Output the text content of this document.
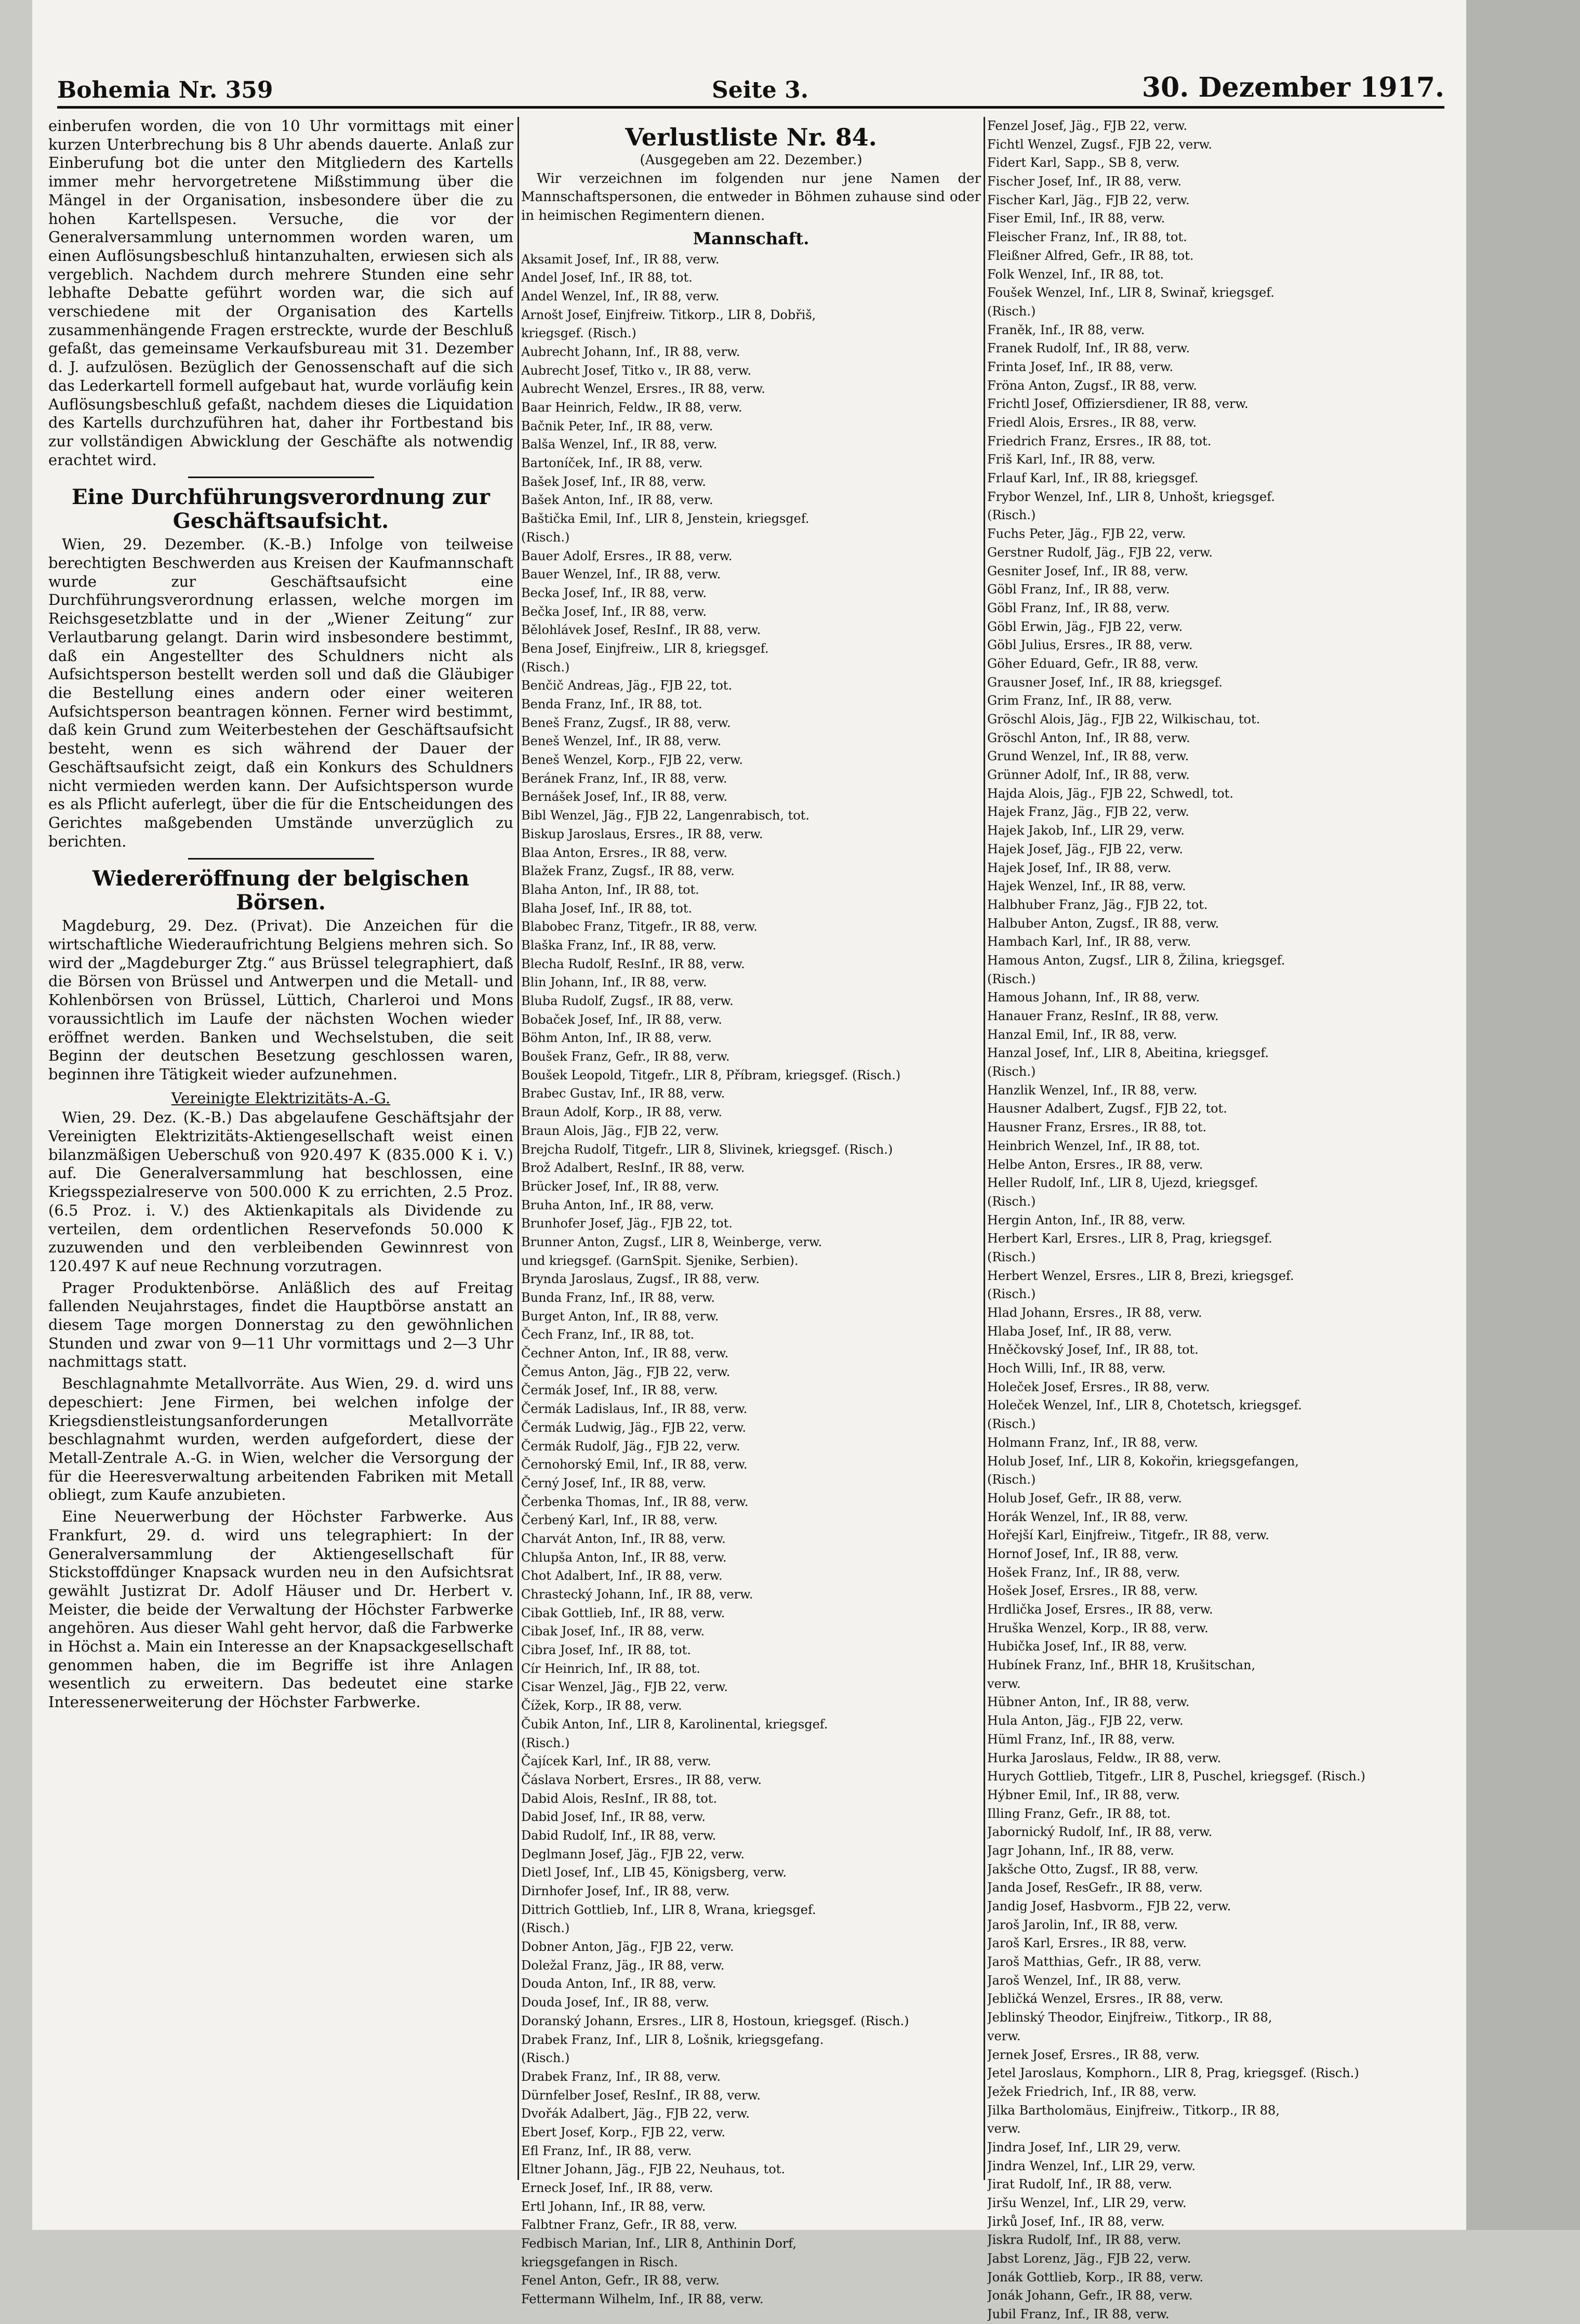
Bohemia Nr. 359	Seite 3.	30. Dezember 1917.

einberufen worden, die von 10 Uhr vormittags mit einer kurzen Unterbrechung bis 8 Uhr abends dauerte. Anlaß zur Einberufung bot die unter den Mitgliedern des Kartells immer mehr hervorgetretene Mißstimmung über die Mängel in der Organisation, insbesondere über die zu hohen Kartellspesen. Versuche, die vor der Generalversammlung unternommen worden waren, um einen Auflösungsbeschluß hintanzuhalten, erwiesen sich als vergeblich. Nachdem durch mehrere Stunden eine sehr lebhafte Debatte geführt worden war, die sich auf verschiedene mit der Organisation des Kartells zusammenhängende Fragen erstreckte, wurde der Beschluß gefaßt, das gemeinsame Verkaufsbureau mit 31. Dezember d. J. aufzulösen. Bezüglich der Genossenschaft auf die sich das Lederkartell formell aufgebaut hat, wurde vorläufig kein Auflösungsbeschluß gefaßt, nachdem dieses die Liquidation des Kartells durchzuführen hat, daher ihr Fortbestand bis zur vollständigen Abwicklung der Geschäfte als notwendig erachtet wird.

Eine Durchführungsverordnung zur Geschäftsaufsicht.

Wien, 29. Dezember. (K.-B.) Infolge von teilweise berechtigten Beschwerden aus Kreisen der Kaufmannschaft wurde zur Geschäftsaufsicht eine Durchführungsverordnung erlassen, welche morgen im Reichsgesetzblatte und in der „Wiener Zeitung“ zur Verlautbarung gelangt. Darin wird insbesondere bestimmt, daß ein Angestellter des Schuldners nicht als Aufsichtsperson bestellt werden soll und daß die Gläubiger die Bestellung eines andern oder einer weiteren Aufsichtsperson beantragen können. Ferner wird bestimmt, daß kein Grund zum Weiterbestehen der Geschäftsaufsicht besteht, wenn es sich während der Dauer der Geschäftsaufsicht zeigt, daß ein Konkurs des Schuldners nicht vermieden werden kann. Der Aufsichtsperson wurde es als Pflicht auferlegt, über die für die Entscheidungen des Gerichtes maßgebenden Umstände unverzüglich zu berichten.

Wiedereröffnung der belgischen Börsen.

Magdeburg, 29. Dez. (Privat). Die Anzeichen für die wirtschaftliche Wiederaufrichtung Belgiens mehren sich. So wird der „Magdeburger Ztg.“ aus Brüssel telegraphiert, daß die Börsen von Brüssel und Antwerpen und die Metall- und Kohlenbörsen von Brüssel, Lüttich, Charleroi und Mons voraussichtlich im Laufe der nächsten Wochen wieder eröffnet werden. Banken und Wechselstuben, die seit Beginn der deutschen Besetzung geschlossen waren, beginnen ihre Tätigkeit wieder aufzunehmen.

Vereinigte Elektrizitäts-A.-G.

Wien, 29. Dez. (K.-B.) Das abgelaufene Geschäftsjahr der Vereinigten Elektrizitäts-Aktiengesellschaft weist einen bilanzmäßigen Ueberschuß von 920.497 K (835.000 K i. V.) auf. Die Generalversammlung hat beschlossen, eine Kriegsspezialreserve von 500.000 K zu errichten, 2.5 Proz. (6.5 Proz. i. V.) des Aktienkapitals als Dividende zu verteilen, dem ordentlichen Reservefonds 50.000 K zuzuwenden und den verbleibenden Gewinnrest von 120.497 K auf neue Rechnung vorzutragen.

Prager Produktenbörse. Anläßlich des auf Freitag fallenden Neujahrstages, findet die Hauptbörse anstatt an diesem Tage morgen Donnerstag zu den gewöhnlichen Stunden und zwar von 9—11 Uhr vormittags und 2—3 Uhr nachmittags statt.

Beschlagnahmte Metallvorräte. Aus Wien, 29. d. wird uns depeschiert: Jene Firmen, bei welchen infolge der Kriegsdienstleistungsanforderungen Metallvorräte beschlagnahmt wurden, werden aufgefordert, diese der Metall-Zentrale A.-G. in Wien, welcher die Versorgung der für die Heeresverwaltung arbeitenden Fabriken mit Metall obliegt, zum Kaufe anzubieten.

Eine Neuerwerbung der Höchster Farbwerke. Aus Frankfurt, 29. d. wird uns telegraphiert: In der Generalversammlung der Aktiengesellschaft für Stickstoffdünger Knapsack wurden neu in den Aufsichtsrat gewählt Justizrat Dr. Adolf Häuser und Dr. Herbert v. Meister, die beide der Verwaltung der Höchster Farbwerke angehören. Aus dieser Wahl geht hervor, daß die Farbwerke in Höchst a. Main ein Interesse an der Knapsackgesellschaft genommen haben, die im Begriffe ist ihre Anlagen wesentlich zu erweitern. Das bedeutet eine starke Interessenerweiterung der Höchster Farbwerke.

Verlustliste Nr. 84.
(Ausgegeben am 22. Dezember.)
Wir verzeichnen im folgenden nur jene Namen der Mannschaftspersonen, die entweder in Böhmen zuhause sind oder in heimischen Regimentern dienen.
Mannschaft.
Aksamit Josef, Inf., IR 88, verw.
Andel Josef, Inf., IR 88, tot.
Andel Wenzel, Inf., IR 88, verw.
Arnošt Josef, Einjfreiw. Titkorp., LIR 8, Dobřiš,
kriegsgef. (Risch.)
Aubrecht Johann, Inf., IR 88, verw.
Aubrecht Josef, Titko v., IR 88, verw.
Aubrecht Wenzel, Ersres., IR 88, verw.
Baar Heinrich, Feldw., IR 88, verw.
Bačnik Peter, Inf., IR 88, verw.
Balša Wenzel, Inf., IR 88, verw.
Bartoníček, Inf., IR 88, verw.
Bašek Josef, Inf., IR 88, verw.
Bašek Anton, Inf., IR 88, verw.
Baštička Emil, Inf., LIR 8, Jenstein, kriegsgef.
(Risch.)
Bauer Adolf, Ersres., IR 88, verw.
Bauer Wenzel, Inf., IR 88, verw.
Becka Josef, Inf., IR 88, verw.
Bečka Josef, Inf., IR 88, verw.
Bělohlávek Josef, ResInf., IR 88, verw.
Bena Josef, Einjfreiw., LIR 8, kriegsgef.
(Risch.)
Benčič Andreas, Jäg., FJB 22, tot.
Benda Franz, Inf., IR 88, tot.
Beneš Franz, Zugsf., IR 88, verw.
Beneš Wenzel, Inf., IR 88, verw.
Beneš Wenzel, Korp., FJB 22, verw.
Beránek Franz, Inf., IR 88, verw.
Bernášek Josef, Inf., IR 88, verw.
Bibl Wenzel, Jäg., FJB 22, Langenrabisch, tot.
Biskup Jaroslaus, Ersres., IR 88, verw.
Blaa Anton, Ersres., IR 88, verw.
Blažek Franz, Zugsf., IR 88, verw.
Blaha Anton, Inf., IR 88, tot.
Blaha Josef, Inf., IR 88, tot.
Blabobec Franz, Titgefr., IR 88, verw.
Blaška Franz, Inf., IR 88, verw.
Blecha Rudolf, ResInf., IR 88, verw.
Blin Johann, Inf., IR 88, verw.
Bluba Rudolf, Zugsf., IR 88, verw.
Bobaček Josef, Inf., IR 88, verw.
Böhm Anton, Inf., IR 88, verw.
Boušek Franz, Gefr., IR 88, verw.
Boušek Leopold, Titgefr., LIR 8, Příbram, kriegsgef. (Risch.)
Brabec Gustav, Inf., IR 88, verw.
Braun Adolf, Korp., IR 88, verw.
Braun Alois, Jäg., FJB 22, verw.
Brejcha Rudolf, Titgefr., LIR 8, Slivinek, kriegsgef. (Risch.)
Brož Adalbert, ResInf., IR 88, verw.
Brücker Josef, Inf., IR 88, verw.
Bruha Anton, Inf., IR 88, verw.
Brunhofer Josef, Jäg., FJB 22, tot.
Brunner Anton, Zugsf., LIR 8, Weinberge, verw.
und kriegsgef. (GarnSpit. Sjenike, Serbien).
Brynda Jaroslaus, Zugsf., IR 88, verw.
Bunda Franz, Inf., IR 88, verw.
Burget Anton, Inf., IR 88, verw.
Čech Franz, Inf., IR 88, tot.
Čechner Anton, Inf., IR 88, verw.
Čemus Anton, Jäg., FJB 22, verw.
Čermák Josef, Inf., IR 88, verw.
Čermák Ladislaus, Inf., IR 88, verw.
Čermák Ludwig, Jäg., FJB 22, verw.
Čermák Rudolf, Jäg., FJB 22, verw.
Černohorský Emil, Inf., IR 88, verw.
Černý Josef, Inf., IR 88, verw.
Čerbenka Thomas, Inf., IR 88, verw.
Čerbený Karl, Inf., IR 88, verw.
Charvát Anton, Inf., IR 88, verw.
Chlupša Anton, Inf., IR 88, verw.
Chot Adalbert, Inf., IR 88, verw.
Chrastecký Johann, Inf., IR 88, verw.
Cibak Gottlieb, Inf., IR 88, verw.
Cibak Josef, Inf., IR 88, verw.
Cibra Josef, Inf., IR 88, tot.
Cír Heinrich, Inf., IR 88, tot.
Cisar Wenzel, Jäg., FJB 22, verw.
Čížek, Korp., IR 88, verw.
Čubik Anton, Inf., LIR 8, Karolinental, kriegsgef.
(Risch.)
Čajícek Karl, Inf., IR 88, verw.
Čáslava Norbert, Ersres., IR 88, verw.
Dabid Alois, ResInf., IR 88, tot.
Dabid Josef, Inf., IR 88, verw.
Dabid Rudolf, Inf., IR 88, verw.
Deglmann Josef, Jäg., FJB 22, verw.
Dietl Josef, Inf., LIB 45, Königsberg, verw.
Dirnhofer Josef, Inf., IR 88, verw.
Dittrich Gottlieb, Inf., LIR 8, Wrana, kriegsgef.
(Risch.)
Dobner Anton, Jäg., FJB 22, verw.
Doležal Franz, Jäg., IR 88, verw.
Douda Anton, Inf., IR 88, verw.
Douda Josef, Inf., IR 88, verw.
Doranský Johann, Ersres., LIR 8, Hostoun, kriegsgef. (Risch.)
Drabek Franz, Inf., LIR 8, Lošnik, kriegsgefang.
(Risch.)
Drabek Franz, Inf., IR 88, verw.
Dürnfelber Josef, ResInf., IR 88, verw.
Dvořák Adalbert, Jäg., FJB 22, verw.
Ebert Josef, Korp., FJB 22, verw.
Efl Franz, Inf., IR 88, verw.
Eltner Johann, Jäg., FJB 22, Neuhaus, tot.
Erneck Josef, Inf., IR 88, verw.
Ertl Johann, Inf., IR 88, verw.
Falbtner Franz, Gefr., IR 88, verw.
Fedbisch Marian, Inf., LIR 8, Anthinin Dorf,
kriegsgefangen in Risch.
Fenel Anton, Gefr., IR 88, verw.
Fettermann Wilhelm, Inf., IR 88, verw.
Fenzel Josef, Jäg., FJB 22, verw.
Fichtl Wenzel, Zugsf., FJB 22, verw.
Fidert Karl, Sapp., SB 8, verw.
Fischer Josef, Inf., IR 88, verw.
Fischer Karl, Jäg., FJB 22, verw.
Fiser Emil, Inf., IR 88, verw.
Fleischer Franz, Inf., IR 88, tot.
Fleißner Alfred, Gefr., IR 88, tot.
Folk Wenzel, Inf., IR 88, tot.
Foušek Wenzel, Inf., LIR 8, Swinař, kriegsgef.
(Risch.)
Franěk, Inf., IR 88, verw.
Franek Rudolf, Inf., IR 88, verw.
Frinta Josef, Inf., IR 88, verw.
Fröna Anton, Zugsf., IR 88, verw.
Frichtl Josef, Offiziersdiener, IR 88, verw.
Friedl Alois, Ersres., IR 88, verw.
Friedrich Franz, Ersres., IR 88, tot.
Friš Karl, Inf., IR 88, verw.
Frlauf Karl, Inf., IR 88, kriegsgef.
Frybor Wenzel, Inf., LIR 8, Unhošt, kriegsgef.
(Risch.)
Fuchs Peter, Jäg., FJB 22, verw.
Gerstner Rudolf, Jäg., FJB 22, verw.
Gesniter Josef, Inf., IR 88, verw.
Göbl Franz, Inf., IR 88, verw.
Göbl Franz, Inf., IR 88, verw.
Göbl Erwin, Jäg., FJB 22, verw.
Göbl Julius, Ersres., IR 88, verw.
Göher Eduard, Gefr., IR 88, verw.
Grausner Josef, Inf., IR 88, kriegsgef.
Grim Franz, Inf., IR 88, verw.
Gröschl Alois, Jäg., FJB 22, Wilkischau, tot.
Gröschl Anton, Inf., IR 88, verw.
Grund Wenzel, Inf., IR 88, verw.
Grünner Adolf, Inf., IR 88, verw.
Hajda Alois, Jäg., FJB 22, Schwedl, tot.
Hajek Franz, Jäg., FJB 22, verw.
Hajek Jakob, Inf., LIR 29, verw.
Hajek Josef, Jäg., FJB 22, verw.
Hajek Josef, Inf., IR 88, verw.
Hajek Wenzel, Inf., IR 88, verw.
Halbhuber Franz, Jäg., FJB 22, tot.
Halbuber Anton, Zugsf., IR 88, verw.
Hambach Karl, Inf., IR 88, verw.
Hamous Anton, Zugsf., LIR 8, Žilina, kriegsgef.
(Risch.)
Hamous Johann, Inf., IR 88, verw.
Hanauer Franz, ResInf., IR 88, verw.
Hanzal Emil, Inf., IR 88, verw.
Hanzal Josef, Inf., LIR 8, Abeitina, kriegsgef.
(Risch.)
Hanzlik Wenzel, Inf., IR 88, verw.
Hausner Adalbert, Zugsf., FJB 22, tot.
Hausner Franz, Ersres., IR 88, tot.
Heinbrich Wenzel, Inf., IR 88, tot.
Helbe Anton, Ersres., IR 88, verw.
Heller Rudolf, Inf., LIR 8, Ujezd, kriegsgef.
(Risch.)
Hergin Anton, Inf., IR 88, verw.
Herbert Karl, Ersres., LIR 8, Prag, kriegsgef.
(Risch.)
Herbert Wenzel, Ersres., LIR 8, Brezi, kriegsgef.
(Risch.)
Hlad Johann, Ersres., IR 88, verw.
Hlaba Josef, Inf., IR 88, verw.
Hněčkovský Josef, Inf., IR 88, tot.
Hoch Willi, Inf., IR 88, verw.
Holeček Josef, Ersres., IR 88, verw.
Holeček Wenzel, Inf., LIR 8, Chotetsch, kriegsgef.
(Risch.)
Holmann Franz, Inf., IR 88, verw.
Holub Josef, Inf., LIR 8, Kokořin, kriegsgefangen,
(Risch.)
Holub Josef, Gefr., IR 88, verw.
Horák Wenzel, Inf., IR 88, verw.
Hořejší Karl, Einjfreiw., Titgefr., IR 88, verw.
Hornof Josef, Inf., IR 88, verw.
Hošek Franz, Inf., IR 88, verw.
Hošek Josef, Ersres., IR 88, verw.
Hrdlička Josef, Ersres., IR 88, verw.
Hruška Wenzel, Korp., IR 88, verw.
Hubička Josef, Inf., IR 88, verw.
Hubínek Franz, Inf., BHR 18, Krušitschan,
verw.
Hübner Anton, Inf., IR 88, verw.
Hula Anton, Jäg., FJB 22, verw.
Hüml Franz, Inf., IR 88, verw.
Hurka Jaroslaus, Feldw., IR 88, verw.
Hurych Gottlieb, Titgefr., LIR 8, Puschel, kriegsgef. (Risch.)
Hýbner Emil, Inf., IR 88, verw.
Illing Franz, Gefr., IR 88, tot.
Jabornický Rudolf, Inf., IR 88, verw.
Jagr Johann, Inf., IR 88, verw.
Jakšche Otto, Zugsf., IR 88, verw.
Janda Josef, ResGefr., IR 88, verw.
Jandig Josef, Hasbvorm., FJB 22, verw.
Jaroš Jarolin, Inf., IR 88, verw.
Jaroš Karl, Ersres., IR 88, verw.
Jaroš Matthias, Gefr., IR 88, verw.
Jaroš Wenzel, Inf., IR 88, verw.
Jebličká Wenzel, Ersres., IR 88, verw.
Jeblinský Theodor, Einjfreiw., Titkorp., IR 88,
verw.
Jernek Josef, Ersres., IR 88, verw.
Jetel Jaroslaus, Komphorn., LIR 8, Prag, kriegsgef. (Risch.)
Ježek Friedrich, Inf., IR 88, verw.
Jilka Bartholomäus, Einjfreiw., Titkorp., IR 88,
verw.
Jindra Josef, Inf., LIR 29, verw.
Jindra Wenzel, Inf., LIR 29, verw.
Jirat Rudolf, Inf., IR 88, verw.
Jiršu Wenzel, Inf., LIR 29, verw.
Jirků Josef, Inf., IR 88, verw.
Jiskra Rudolf, Inf., IR 88, verw.
Jabst Lorenz, Jäg., FJB 22, verw.
Jonák Gottlieb, Korp., IR 88, verw.
Jonák Johann, Gefr., IR 88, verw.
Jubil Franz, Inf., IR 88, verw.
